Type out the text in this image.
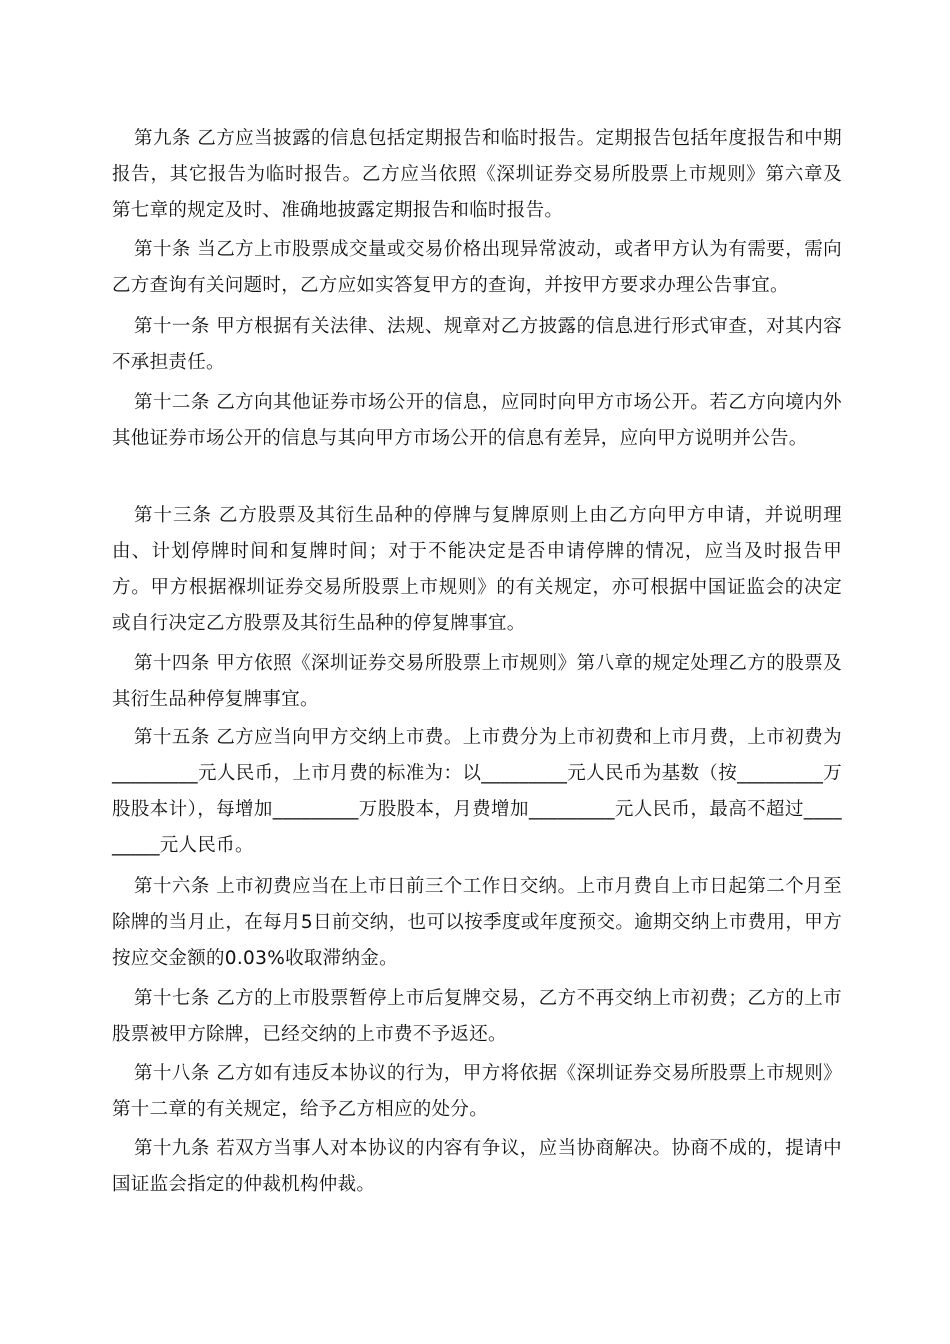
第九条 乙方应当披露的信息包括定期报告和临时报告。定期报告包括年度报告和中期报告，其它报告为临时报告。乙方应当依照《深圳证券交易所股票上市规则》第六章及第七章的规定及时、准确地披露定期报告和临时报告。

第十条 当乙方上市股票成交量或交易价格出现异常波动，或者甲方认为有需要，需向乙方查询有关问题时，乙方应如实答复甲方的查询，并按甲方要求办理公告事宜。

第十一条 甲方根据有关法律、法规、规章对乙方披露的信息进行形式审查，对其内容不承担责任。

第十二条 乙方向其他证券市场公开的信息，应同时向甲方市场公开。若乙方向境内外其他证券市场公开的信息与其向甲方市场公开的信息有差异，应向甲方说明并公告。

第十三条 乙方股票及其衍生品种的停牌与复牌原则上由乙方向甲方申请，并说明理由、计划停牌时间和复牌时间；对于不能决定是否申请停牌的情况，应当及时报告甲方。甲方根据褓圳证券交易所股票上市规则》的有关规定，亦可根据中国证监会的决定或自行决定乙方股票及其衍生品种的停复牌事宜。

第十四条 甲方依照《深圳证券交易所股票上市规则》第八章的规定处理乙方的股票及其衍生品种停复牌事宜。

第十五条 乙方应当向甲方交纳上市费。上市费分为上市初费和上市月费，上市初费为_________元人民币，上市月费的标准为：以_________元人民币为基数（按_________万股股本计），每增加_________万股股本，月费增加_________元人民币，最高不超过_________元人民币。

第十六条 上市初费应当在上市日前三个工作日交纳。上市月费自上市日起第二个月至除牌的当月止，在每月5日前交纳，也可以按季度或年度预交。逾期交纳上市费用，甲方按应交金额的0.03%收取滞纳金。

第十七条 乙方的上市股票暂停上市后复牌交易，乙方不再交纳上市初费；乙方的上市股票被甲方除牌，已经交纳的上市费不予返还。

第十八条 乙方如有违反本协议的行为，甲方将依据《深圳证券交易所股票上市规则》第十二章的有关规定，给予乙方相应的处分。

第十九条 若双方当事人对本协议的内容有争议，应当协商解决。协商不成的，提请中国证监会指定的仲裁机构仲裁。
